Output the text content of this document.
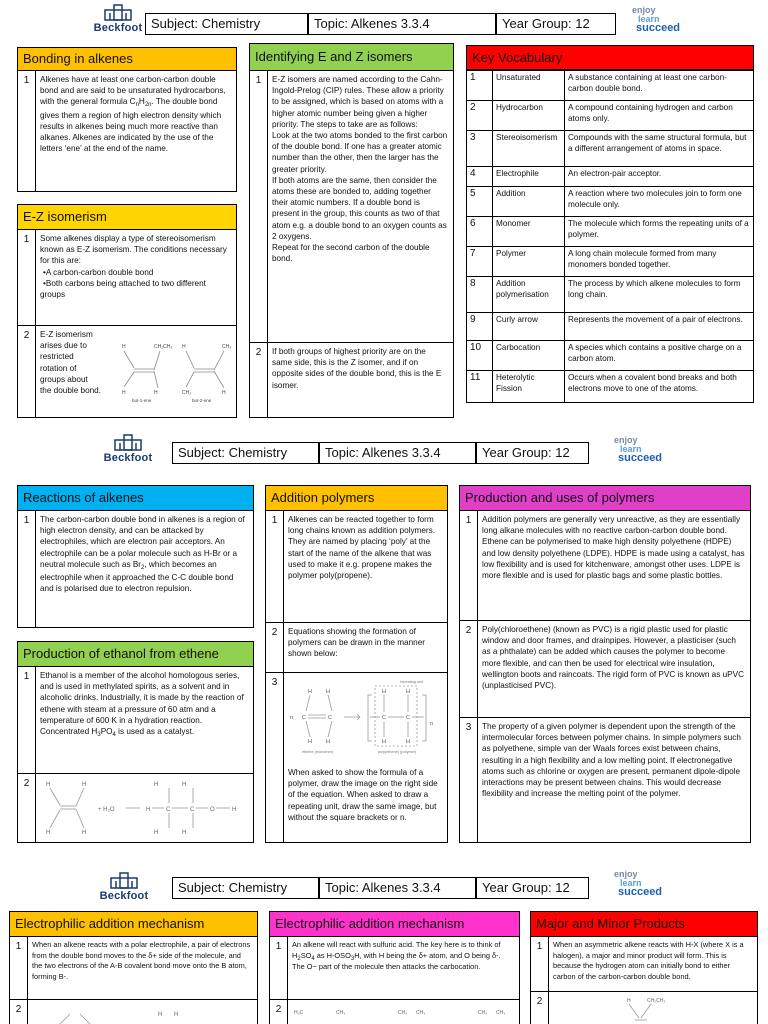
Beckfoot Subject: Chemistry	Topic: Alkenes 3.3.4	Year Group: 12
enjoy
learn
succeed
Bonding in alkenes
1	Alkenes have at least one carbon-carbon double bond and are said to be unsaturated hydrocarbons, with the general formula $C_nH_{2n}$. The double bond gives them a region of high electron density which results in alkenes being much more reactive than alkanes. Alkenes are indicated by the use of the letters ‘ene’ at the end of the name.
E-Z isomerism
1	Some alkenes display a type of stereoisomerism known as E-Z isomerism. The conditions necessary for this are:
• A carbon-carbon double bond
• Both carbons being attached to two different groups
2	E-Z isomerism arises due to restricted rotation of groups about the double bond.
H	CH₂CH₃
H	H
H	CH₃
CH₃	H
but-1-ene	but-2-ene
Identifying E and Z isomers
1	E-Z isomers are named according to the Cahn-Ingold-Prelog (CIP) rules. These allow a priority to be assigned, which is based on atoms with a higher atomic number being given a higher priority. The steps to take are as follows:
Look at the two atoms bonded to the first carbon of the double bond. If one has a greater atomic number than the other, then the larger has the greater priority.
If both atoms are the same, then consider the atoms these are bonded to, adding together their atomic numbers. If a double bond is present in the group, this counts as two of that atom e.g. a double bond to an oxygen counts as 2 oxygens.
Repeat for the second carbon of the double bond.
2	If both groups of highest priority are on the same side, this is the Z isomer, and if on opposite sides of the double bond, this is the E isomer.
Key Vocabulary
1	Unsaturated	A substance containing at least one carbon-carbon double bond.
2	Hydrocarbon	A compound containing hydrogen and carbon atoms only.
3	Stereoisomerism	Compounds with the same structural formula, but a different arrangement of atoms in space.
4	Electrophile	An electron-pair acceptor.
5	Addition	A reaction where two molecules join to form one molecule only.
6	Monomer	The molecule which forms the repeating units of a polymer.
7	Polymer	A long chain molecule formed from many monomers bonded together.
8	Addition polymerisation	The process by which alkene molecules to form long chain.
9	Curly arrow	Represents the movement of a pair of electrons.
10	Carbocation	A species which contains a positive charge on a carbon atom.
11	Heterolytic Fission	Occurs when a covalent bond breaks and both electrons move to one of the atoms.
Beckfoot	Subject: Chemistry	Topic: Alkenes 3.3.4	Year Group: 12
enjoy
learn
succeed
Reactions of alkenes
1	The carbon-carbon double bond in alkenes is a region of high electron density, and can be attacked by electrophiles, which are electron pair acceptors. An electrophile can be a polar molecule such as H-Br or a neutral molecule such as $Br_2$, which becomes an electrophile when it approached the C-C double bond and is polarised due to electron repulsion.
Production of ethanol from ethene
1	Ethanol is a member of the alcohol homologous series, and is used in methylated spirits, as a solvent and in alcoholic drinks. Industrially, it is made by the reaction of ethene with steam at a pressure of 60 atm and a temperature of 600 K in a hydration reaction. Concentrated $H_3PO_4$ is used as a catalyst.
2	H	H
H	H
+ H₂O
H	H
H	C	C	O	H
H	H
Addition polymers
1	Alkenes can be reacted together to form long chains known as addition polymers. They are named by placing ‘poly’ at the start of the name of the alkene that was used to make it e.g. propene makes the polymer poly(propene).
2	Equations showing the formation of polymers can be drawn in the manner shown below:
3
H	H
n C	C
H	H
H	H
C	C
H	H
n
ethene (monomer)	poly(ethene) (polymer)
repeating unit
When asked to show the formula of a polymer, draw the image on the right side of the equation. When asked to draw a repeating unit, draw the same image, but without the square brackets or n.
Production and uses of polymers
1	Addition polymers are generally very unreactive, as they are essentially long alkane molecules with no reactive carbon-carbon double bond. Ethene can be polymerised to make high density polyethene (HDPE) and low density polyethene (LDPE). HDPE is made using a catalyst, has low flexibility and is used for kitchenware, amongst other uses. LDPE is more flexible and is used for plastic bags and some plastic bottles.
2	Poly(chloroethene) (known as PVC) is a rigid plastic used for plastic window and door frames, and drainpipes. However, a plasticiser (such as a phthalate) can be added which causes the polymer to become more flexible, and can then be used for electrical wire insulation, wellington boots and raincoats. The rigid form of PVC is known as uPVC (unplasticised PVC).
3	The property of a given polymer is dependent upon the strength of the intermolecular forces between polymer chains. In simple polymers such as polyethene, simple van der Waals forces exist between chains, resulting in a high flexibility and a low melting point. If electronegative atoms such as chlorine or oxygen are present, permanent dipole-dipole interactions may be present between chains. This would decrease flexibility and increase the melting point of the polymer.
Beckfoot
Subject: Chemistry	Topic: Alkenes 3.3.4	Year Group: 12
enjoy
learn
succeed
Electrophilic addition mechanism
1	When an alkene reacts with a polar electrophile, a pair of electrons from the double bond moves to the δ+ side of the molecule, and the two electrons of the A-B covalent bond move onto the B atom, forming B-.
2	H H
Electrophilic addition mechanism
1	An alkene will react with sulfuric acid. The key here is to think of $H_2SO_4$ as $H-OSO_3H$, with H being the δ+ atom, and O being δ-. The O− part of the molecule then attacks the carbocation.
2	H₃C	CH₃	CH₃ CH₃	CH₃ CH₃
Major and Minor Products
1	When an asymmetric alkene reacts with H-X (where X is a halogen), a major and minor product will form. This is because the hydrogen atom can initially bond to either carbon of the carbon-carbon double bond.
2	H	CH₂CH₃
